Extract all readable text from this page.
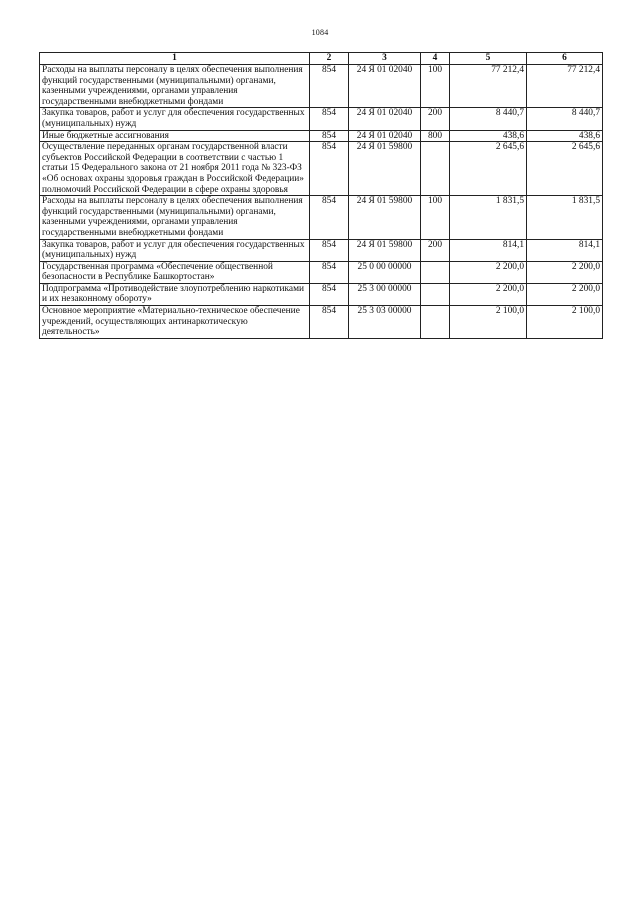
1084
1	2	3	4	5	6
Расходы на выплаты персоналу в целях обеспечения выполнения функций государственными (муниципальными) органами, казенными учреждениями, органами управления государственными внебюджетными фондами	854	24 Я 01 02040	100	77 212,4	77 212,4
Закупка товаров, работ и услуг для обеспечения государственных (муниципальных) нужд	854	24 Я 01 02040	200	8 440,7	8 440,7
Иные бюджетные ассигнования	854	24 Я 01 02040	800	438,6	438,6
Осуществление переданных органам государственной власти субъектов Российской Федерации в соответствии с частью 1 статьи 15 Федерального закона от 21 ноября 2011 года № 323-ФЗ «Об основах охраны здоровья граждан в Российской Федерации» полномочий Российской Федерации в сфере охраны здоровья	854	24 Я 01 59800		2 645,6	2 645,6
Расходы на выплаты персоналу в целях обеспечения выполнения функций государственными (муниципальными) органами, казенными учреждениями, органами управления государственными внебюджетными фондами	854	24 Я 01 59800	100	1 831,5	1 831,5
Закупка товаров, работ и услуг для обеспечения государственных (муниципальных) нужд	854	24 Я 01 59800	200	814,1	814,1
Государственная программа «Обеспечение общественной безопасности в Республике Башкортостан»	854	25 0 00 00000		2 200,0	2 200,0
Подпрограмма «Противодействие злоупотреблению наркотиками и их незаконному обороту»	854	25 3 00 00000		2 200,0	2 200,0
Основное мероприятие «Материально-техническое обеспечение учреждений, осуществляющих антинаркотическую деятельность»	854	25 3 03 00000		2 100,0	2 100,0
